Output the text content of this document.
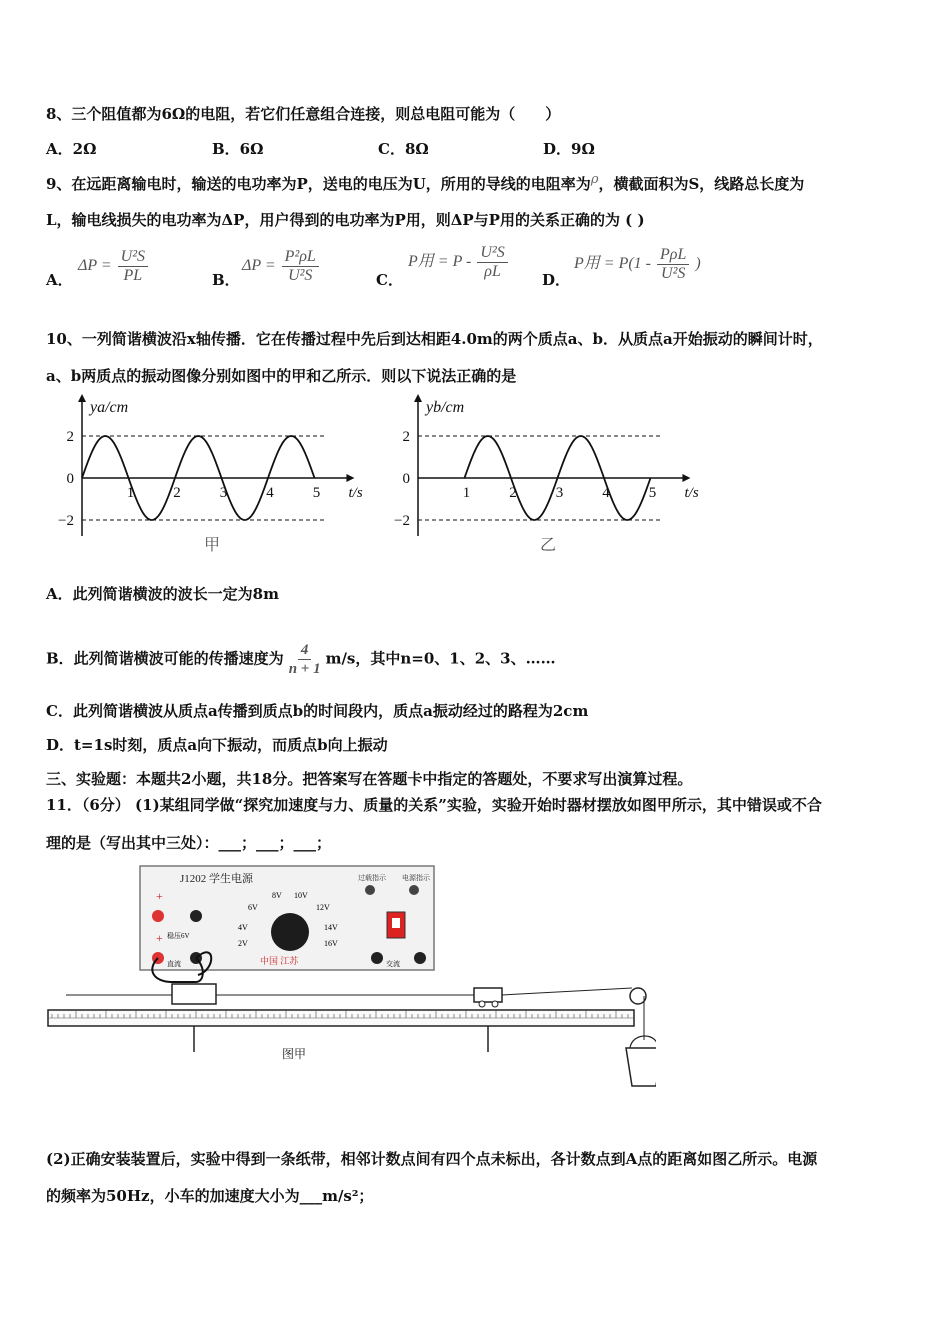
8、三个阻值都为6Ω的电阻，若它们任意组合连接，则总电阻可能为（　　）
A．2Ω	B．6Ω	C．8Ω	D．9Ω
9、在远距离输电时，输送的电功率为P，送电的电压为U，所用的导线的电阻率为ρ，横截面积为S，线路总长度为
L，输电线损失的电功率为ΔP，用户得到的电功率为P用，则ΔP与P用的关系正确的为 ( )
A．
$\Delta P = \frac{\text{U²S}}{PL}$	B．
$\Delta P = \frac{\text{P²ρL}}{\text{U²S}}$	C．
P用 = P - $\frac{\text{U²S}}{\rho L}$ D．
P用 = $P(1 - \frac{\text{PρL}}{\text{U²S}}$ )
10、一列简谐横波沿x轴传播．它在传播过程中先后到达相距4.0m的两个质点a、b．从质点a开始振动的瞬间计时，
a、b两质点的振动图像分别如图中的甲和乙所示．则以下说法正确的是
2
0
−2
1	2	3	4	5 t/s
ya/cm
甲
2
0
−2
1	2	3	4	5 t/s
yb/cm
乙
A．此列简谐横波的波长一定为8m
B．此列简谐横波可能的传播速度为 $\frac{4}{n + 1} m/s$，其中n=0、1、2、3、……
C．此列简谐横波从质点a传播到质点b的时间段内，质点a振动经过的路程为2cm
D．t=1s时刻，质点a向下振动，而质点b向上振动
三、实验题：本题共2小题，共18分。把答案写在答题卡中指定的答题处，不要求写出演算过程。
11．（6分） (1)某组同学做“探究加速度与力、质量的关系”实验，实验开始时器材摆放如图甲所示，其中错误或不合
理的是（写出其中三处）：___；___；___；
J1202 学生电源	过载指示 电源指示
6V
8V 10V
12V
4V	14V
2V	16V
中国 江苏
+
稳压6V
+
直流	交流
图甲
(2)正确安装装置后，实验中得到一条纸带，相邻计数点间有四个点未标出，各计数点到A点的距离如图乙所示。电源
的频率为50Hz，小车的加速度大小为___m/s²；
